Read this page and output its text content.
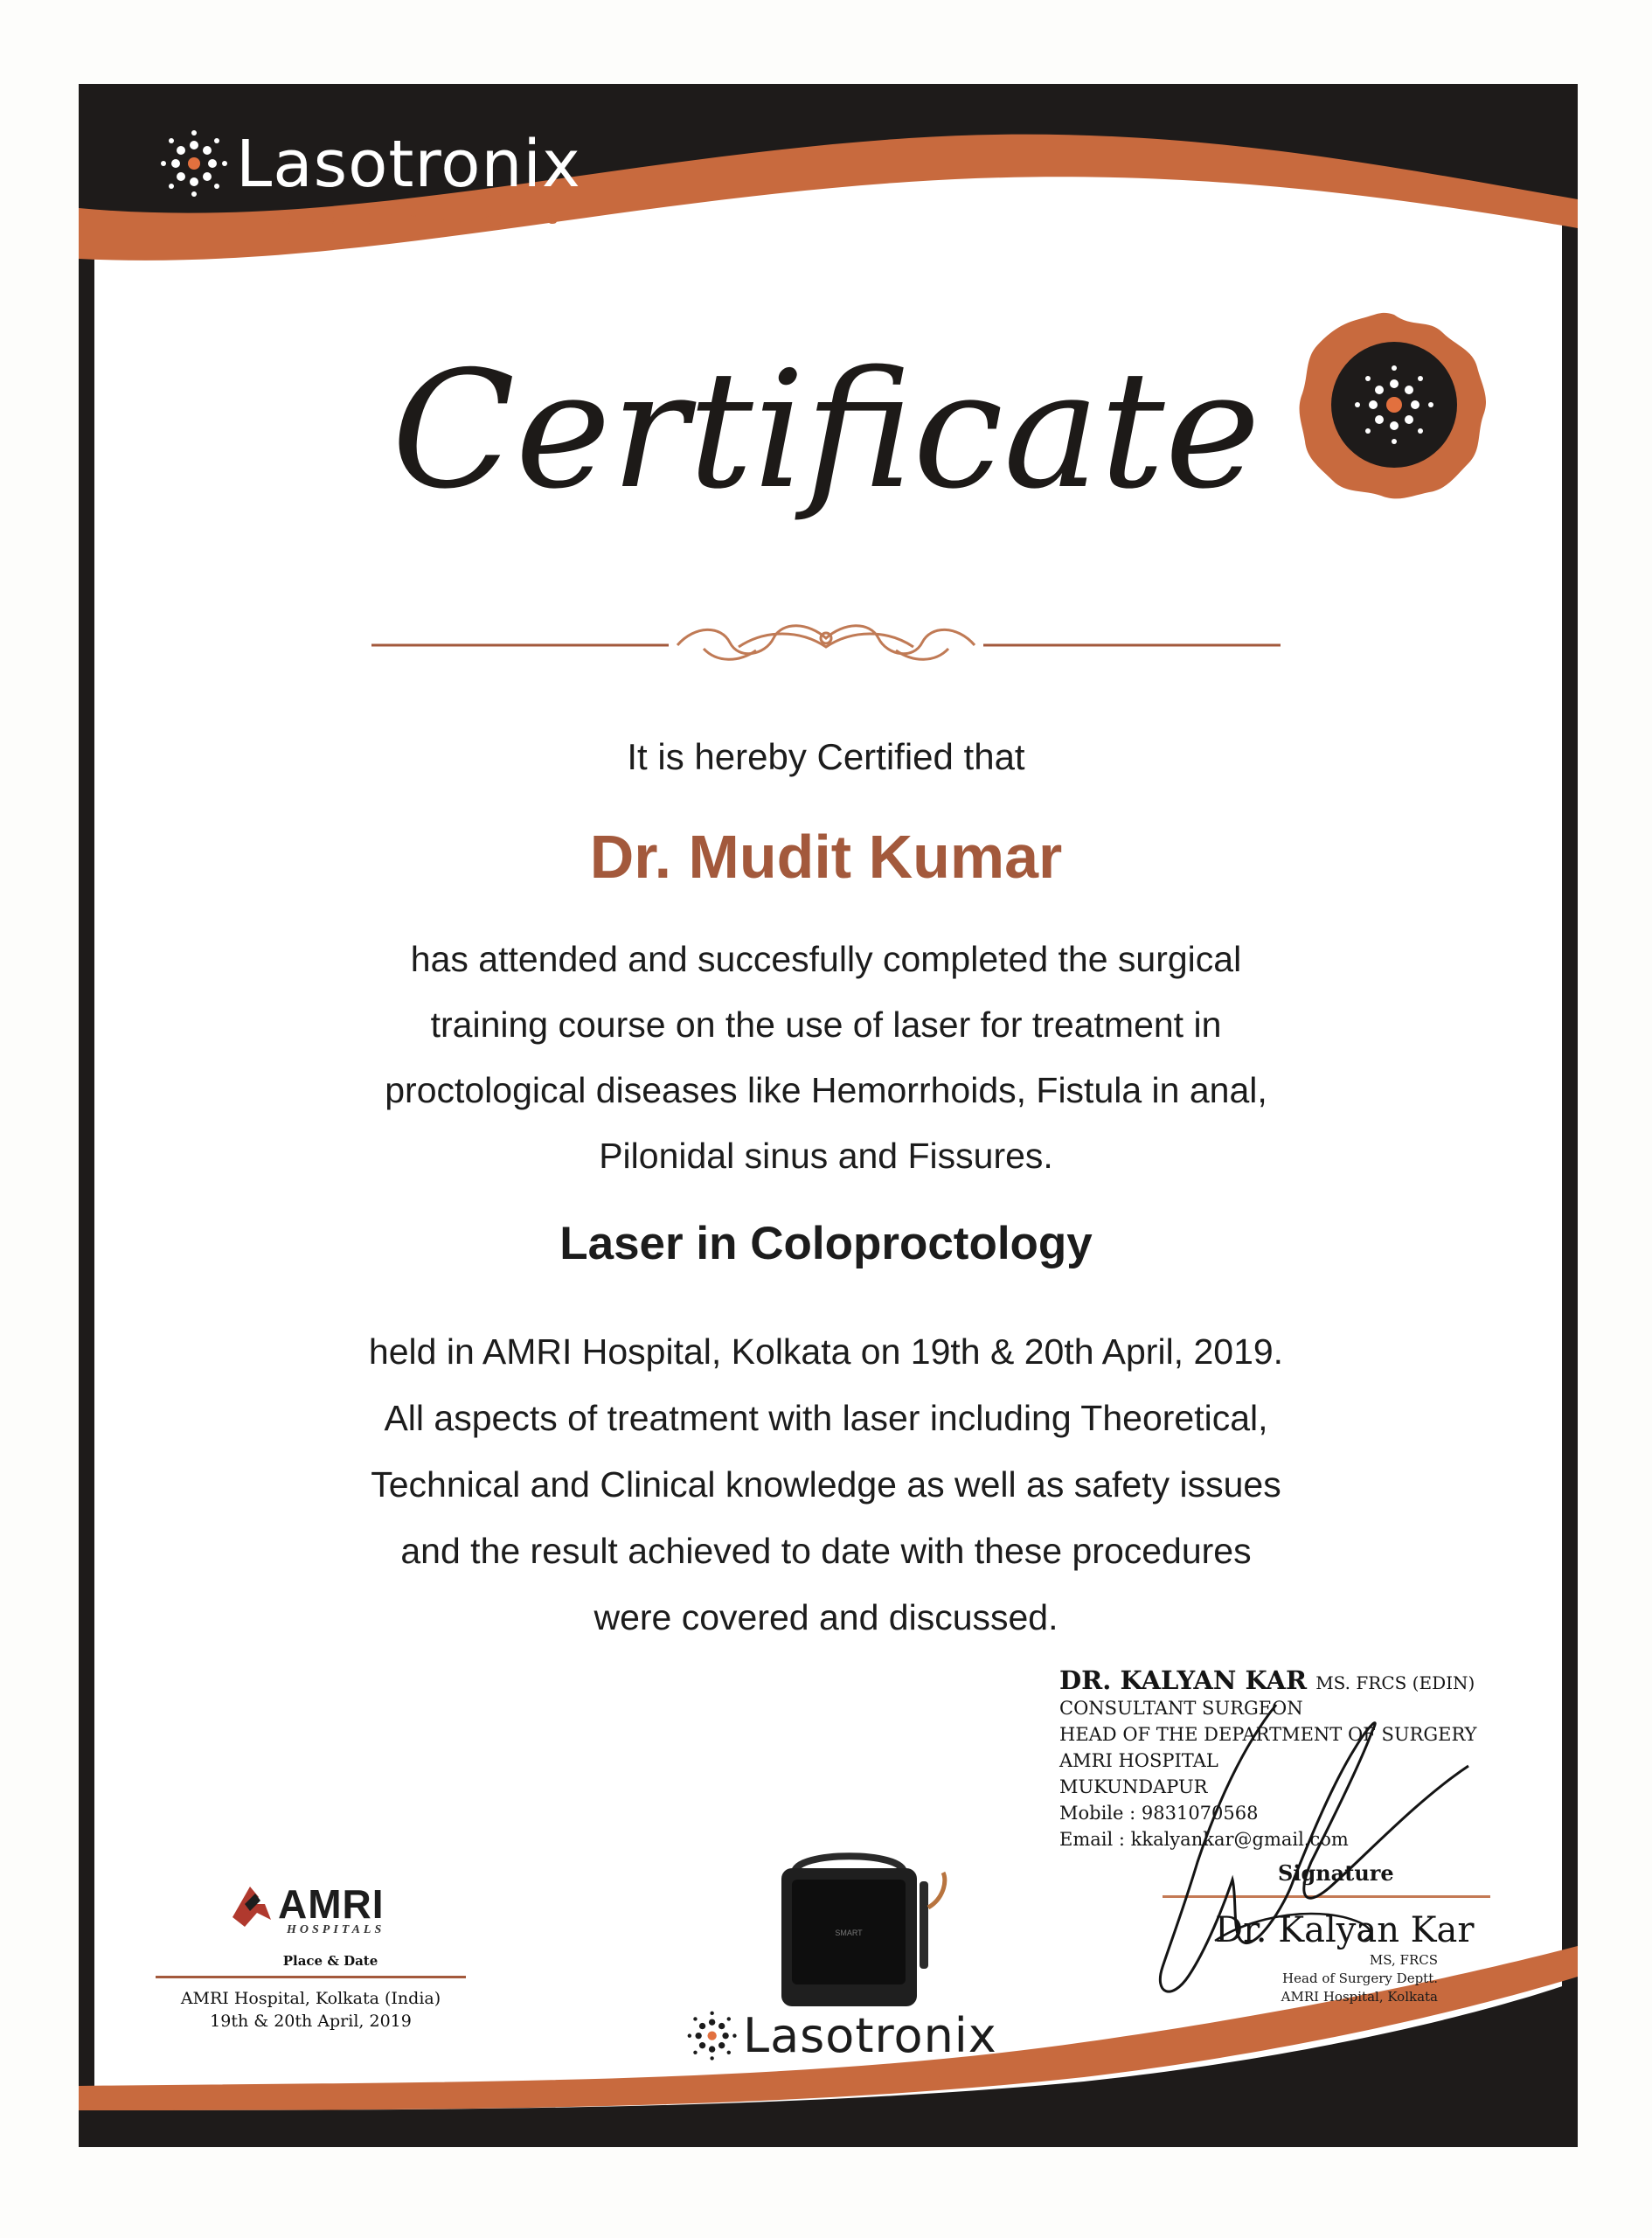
Lasotronix
LASERS FOR GENERATIONS
Certificate
It is hereby Certified that
Dr. Mudit Kumar
has attended and succesfully completed the surgical
training course on the use of laser for treatment in
proctological diseases like Hemorrhoids, Fistula in anal,
Pilonidal sinus and Fissures.
Laser in Coloproctology
held in AMRI Hospital, Kolkata on 19th & 20th April, 2019.
All aspects of treatment with laser including Theoretical,
Technical and Clinical knowledge as well as safety issues
and the result achieved to date with these procedures
were covered and discussed.
DR. KALYAN KAR MS. FRCS (EDIN)
CONSULTANT SURGEON
HEAD OF THE DEPARTMENT OF SURGERY
AMRI HOSPITAL
MUKUNDAPUR
Mobile : 9831070568
Email : kkalyankar@gmail.com
Signature
Dr. Kalyan Kar
MS, FRCS
Head of Surgery Deptt.
AMRI Hospital, Kolkata
AMRI
HOSPITALS
Place & Date
AMRI Hospital, Kolkata (India)
19th & 20th April, 2019
SMART
Lasotronix
LASERS FOR GENERATIONS
